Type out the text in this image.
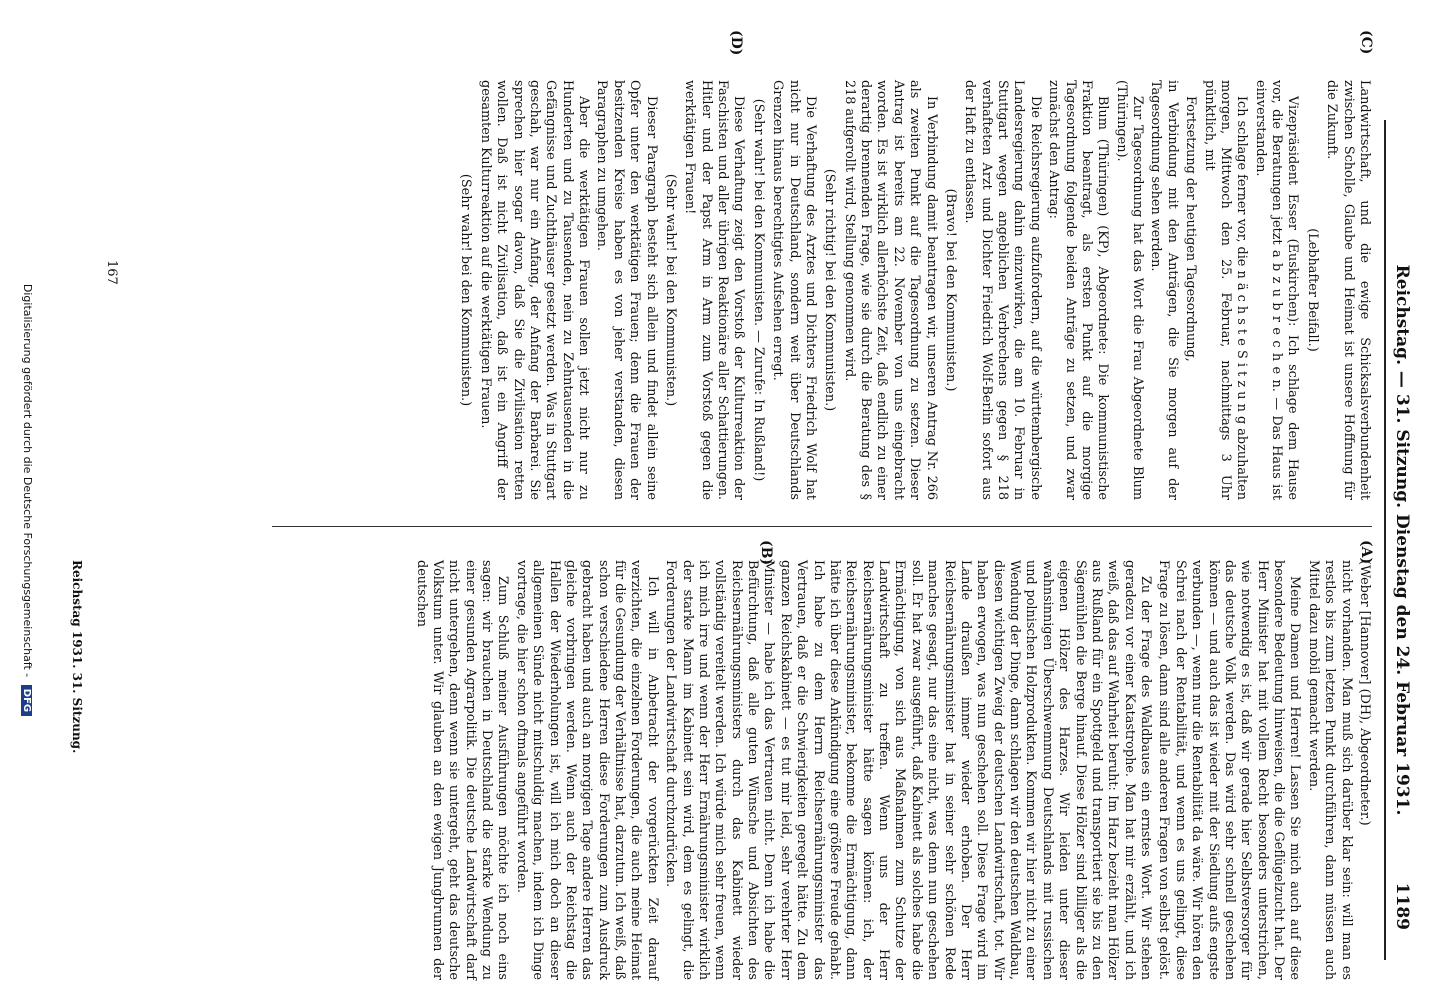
Reichstag. — 31. Sitzung. Dienstag den 24. Februar 1931.
1189
(A)
(B)
(C)
(D)

(Weber [Hannover] (DH), Abgeordneter.)

nicht vorhanden. Man muß sich darüber klar sein: will man es restlos bis zum letzten Punkt durchführen, dann müssen auch Mittel dazu mobil gemacht werden.

Meine Damen und Herren! Lassen Sie mich auch auf diese besondere Bedeutung hinweisen, die die Geflügelzucht hat. Der Herr Minister hat mit vollem Recht besonders unterstrichen, wie notwendig es ist, daß wir gerade hier Selbstversorger für das deutsche Volk werden. Das wird sehr schnell geschehen können — und auch das ist wieder mit der Siedlung aufs engste verbunden —, wenn nur die Rentabilität da wäre. Wir hören den Schrei nach der Rentabilität, und wenn es uns gelingt, diese Frage zu lösen, dann sind alle anderen Fragen von selbst gelöst.

Zu der Frage des Waldbaues ein ernstes Wort. Wir stehen geradezu vor einer Katastrophe. Man hat mir erzählt, und ich weiß, daß das auf Wahrheit beruht: Im Harz bezieht man Hölzer aus Rußland für ein Spottgeld und transportiert sie bis zu den Sägemühlen die Berge hinauf. Diese Hölzer sind billiger als die eigenen Hölzer des Harzes. Wir leiden unter dieser wahnsinnigen Überschwemmung Deutschlands mit russischen und polnischen Holzprodukten. Kommen wir hier nicht zu einer Wendung der Dinge, dann schlagen wir den deutschen Waldbau, diesen wichtigen Zweig der deutschen Landwirtschaft, tot. Wir haben erwogen, was nun geschehen soll. Diese Frage wird im Lande draußen immer wieder erhoben. Der Herr Reichsernährungsminister hat in seiner sehr schönen Rede manches gesagt, nur das eine nicht, was denn nun geschehen soll. Er hat zwar ausgeführt, daß Kabinett als solches habe die Ermächtigung, von sich aus Maßnahmen zum Schutze der Landwirtschaft zu treffen. Wenn uns der Herr Reichsernährungsminister hätte sagen können: ich, der Reichsernährungsminister, bekomme die Ermächtigung, dann hätte ich über diese Ankündigung eine größere Freude gehabt. Ich habe zu dem Herrn Reichsernährungsminister das Vertrauen, daß er die Schwierigkeiten geregelt hätte. Zu dem ganzen Reichskabinett — es tut mir leid, sehr verehrter Herr Minister — habe ich das Vertrauen nicht. Denn ich habe die Befürchtung, daß alle guten Wünsche und Absichten des Reichsernährungsministers durch das Kabinett wieder vollständig vereitelt werden. Ich würde mich sehr freuen, wenn ich mich irre und wenn der Herr Ernährungsminister wirklich der starke Mann im Kabinett sein wird, dem es gelingt, die Forderungen der Landwirtschaft durchzudrücken.

Ich will in Anbetracht der vorgerückten Zeit darauf verzichten, die einzelnen Forderungen, die auch meine Heimat für die Gesundung der Verhältnisse hat, darzutun. Ich weiß, daß schon verschiedene Herren diese Forderungen zum Ausdruck gebracht haben und auch an morgigen Tage andere Herren das gleiche vorbringen werden. Wenn auch der Reichstag die Hallen der Wiederholungen ist, will ich mich doch an dieser allgemeinen Sünde nicht mitschuldig machen, indem ich Dinge vortrage, die hier schon oftmals angeführt worden.

Zum Schluß meiner Ausführungen möchte ich noch eins sagen: wir brauchen in Deutschland die starke Wendung zu einer gesunden Agrarpolitik. Die deutsche Landwirtschaft darf nicht untergehen, denn wenn sie untergeht, geht das deutsche Volkstum unter. Wir glauben an den ewigen Jungbrunnen der deutschen

Landwirtschaft, und die ewige Schicksalsverbundenheit zwischen Scholle, Glaube und Heimat ist unsere Hoffnung für die Zukunft.

(Lebhafter Beifall.)

Vizepräsident Esser (Euskirchen): Ich schlage dem Hause vor, die Beratungen jetzt a b z u b r e c h e n. — Das Haus ist einverstanden.

Ich schlage ferner vor, die n ä c h s t e S i t z u n g abzuhalten morgen, Mittwoch den 25. Februar, nachmittags 3 Uhr pünktlich, mit

Fortsetzung der heutigen Tagesordnung,

in Verbindung mit den Anträgen, die Sie morgen auf der Tagesordnung sehen werden.

Zur Tagesordnung hat das Wort die Frau Abgeordnete Blum (Thüringen).

Blum (Thüringen) (KP), Abgeordnete: Die kommunistische Fraktion beantragt, als ersten Punkt auf die morgige Tagesordnung folgende beiden Anträge zu setzen, und zwar zunächst den Antrag:

Die Reichsregierung aufzufordern, auf die württembergische Landesregierung dahin einzuwirken, die am 10. Februar in Stuttgart wegen angeblichen Verbrechens gegen § 218 verhafteten Arzt und Dichter Friedrich Wolf-Berlin sofort aus der Haft zu entlassen.

(Bravo! bei den Kommunisten.)

In Verbindung damit beantragen wir, unseren Antrag Nr. 266 als zweiten Punkt auf die Tagesordnung zu setzen. Dieser Antrag ist bereits am 22. November von uns eingebracht worden. Es ist wirklich allerhöchste Zeit, daß endlich zu einer derartig brennenden Frage, wie sie durch die Beratung des § 218 aufgerollt wird, Stellung genommen wird.

(Sehr richtig! bei den Kommunisten.)

Die Verhaftung des Arztes und Dichters Friedrich Wolf hat nicht nur in Deutschland, sondern weit über Deutschlands Grenzen hinaus berechtigtes Aufsehen erregt.

(Sehr wahr! bei den Kommunisten. — Zurufe: In Rußland!)

Diese Verhaftung zeigt den Vorstoß der Kulturreaktion der Faschisten und aller übrigen Reaktionäre aller Schattierungen. Hitler und der Papst Arm in Arm zum Vorstoß gegen die werktätigen Frauen!

(Sehr wahr! bei den Kommunisten.)

Dieser Paragraph besteht sich allein und findet allein seine Opfer unter den werktätigen Frauen; denn die Frauen der besitzenden Kreise haben es von jeher verstanden, diesen Paragraphen zu umgehen.

Aber die werktätigen Frauen sollen jetzt nicht nur zu Hunderten und zu Tausenden, nein zu Zehntausenden in die Gefängnisse und Zuchthäuser gesetzt werden. Was in Stuttgart geschah, war nur ein Anfang, der Anfang der Barbarei. Sie sprechen hier sogar davon, daß Sie die Zivilisation retten wollen. Daß ist nicht Zivilisation, daß ist ein Angriff der gesamten Kulturreaktion auf die werktätigen Frauen.

(Sehr wahr! bei den Kommunisten.)

Reichstag 1931. 31. Sitzung.
167
Digitalisierung gefördert durch die Deutsche Forschungsgemeinschaft - DFG
